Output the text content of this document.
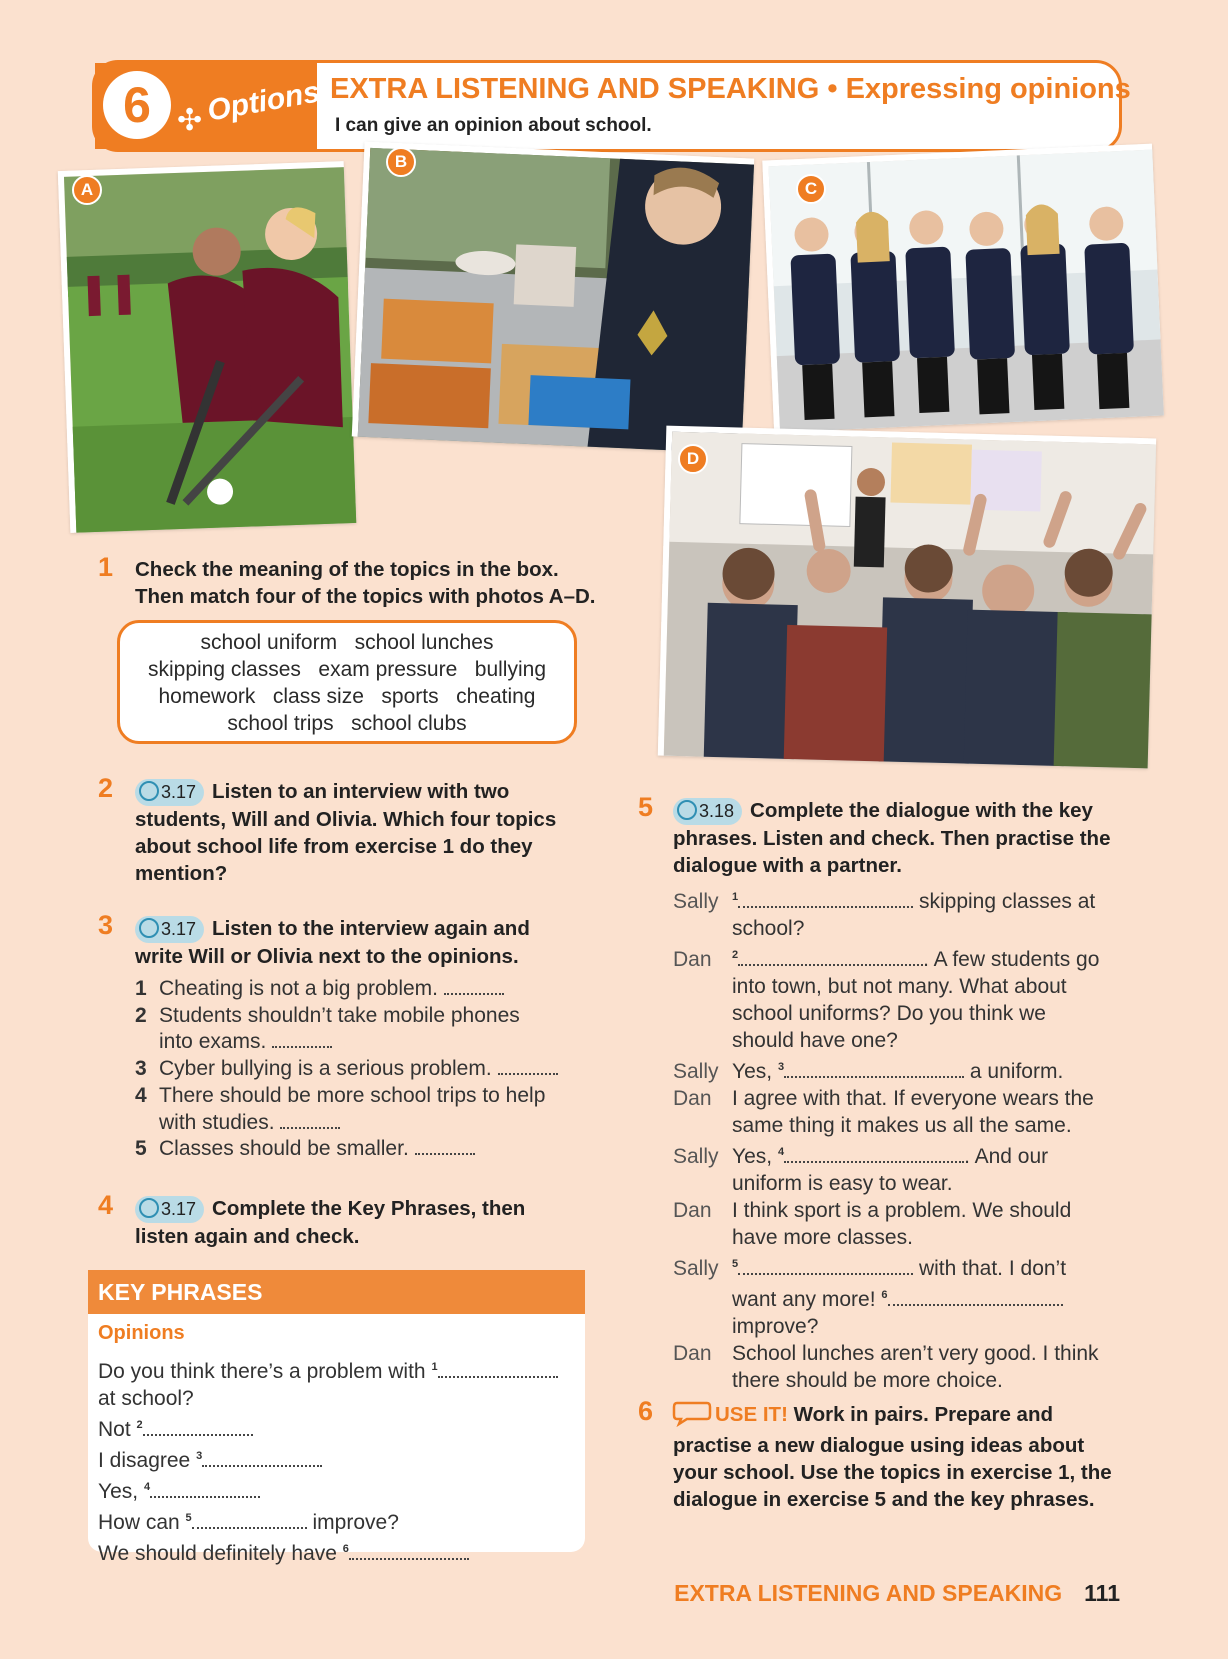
6 ✣ Options EXTRA LISTENING AND SPEAKING • Expressing opinions
I can give an opinion about school.
A
B
C
D
1 Check the meaning of the topics in the box.
Then match four of the topics with photos A–D.
school uniform   school lunches
skipping classes   exam pressure   bullying
homework   class size   sports   cheating
school trips   school clubs
2	3.17 Listen to an interview with two
students, Will and Olivia. Which four topics
about school life from exercise 1 do they
mention?
3	3.17 Listen to the interview again and
write Will or Olivia next to the opinions.
1 Cheating is not a big problem.
2 Students shouldn’t take mobile phones
into exams.
3 Cyber bullying is a serious problem.
4 There should be more school trips to help
with studies.
5 Classes should be smaller.
4	3.17 Complete the Key Phrases, then
listen again and check.
KEY PHRASES
Opinions
Do you think there’s a problem with $^1$
at school?
Not $^2$
I disagree $^3$
Yes, $^4$
How can $^5$	improve?
We should definitely have $^6$
5	3.18 Complete the dialogue with the key
phrases. Listen and check. Then practise the
dialogue with a partner.
Sally $^1$	skipping classes at
school?
Dan $^2$	. A few students go
into town, but not many. What about
school uniforms? Do you think we
should have one?
Sally Yes, $^3$	a uniform.
Dan I agree with that. If everyone wears the
same thing it makes us all the same.
Sally Yes, $^4$	. And our
uniform is easy to wear.
Dan I think sport is a problem. We should
have more classes.
Sally $^5$	with that. I don’t
want any more! $^6$
improve?
Dan School lunches aren’t very good. I think
there should be more choice.
6	USE IT! Work in pairs. Prepare and
practise a new dialogue using ideas about
your school. Use the topics in exercise 1, the
dialogue in exercise 5 and the key phrases.
EXTRA LISTENING AND SPEAKING 111
